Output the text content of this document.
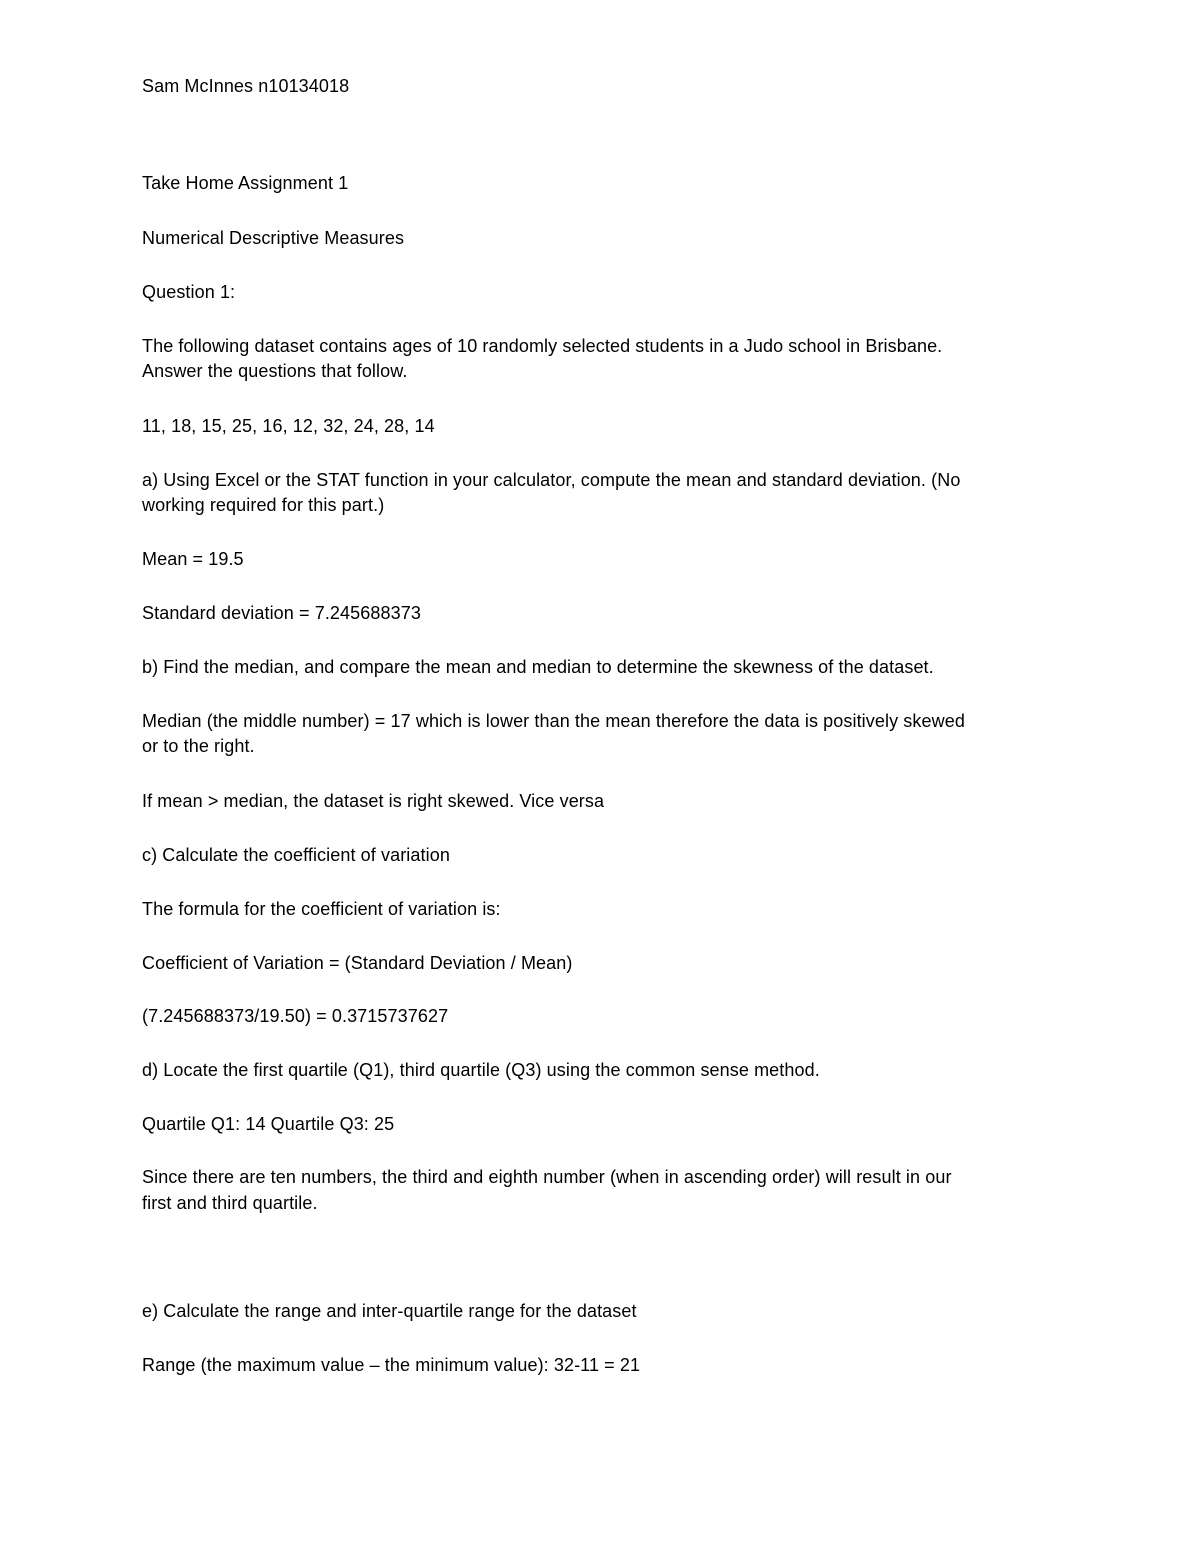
Sam McInnes n10134018
Take Home Assignment 1
Numerical Descriptive Measures
Question 1:
The following dataset contains ages of 10 randomly selected students in a Judo school in Brisbane.
Answer the questions that follow.
11, 18, 15, 25, 16, 12, 32, 24, 28, 14
a) Using Excel or the STAT function in your calculator, compute the mean and standard deviation. (No
working required for this part.)
Mean = 19.5
Standard deviation = 7.245688373
b) Find the median, and compare the mean and median to determine the skewness of the dataset.
Median (the middle number) = 17 which is lower than the mean therefore the data is positively skewed
or to the right.
If mean > median, the dataset is right skewed. Vice versa
c) Calculate the coefficient of variation
The formula for the coefficient of variation is:
Coefficient of Variation = (Standard Deviation / Mean)
(7.245688373/19.50) = 0.3715737627
d) Locate the first quartile (Q1), third quartile (Q3) using the common sense method.
Quartile Q1: 14 Quartile Q3: 25
Since there are ten numbers, the third and eighth number (when in ascending order) will result in our
first and third quartile.
e) Calculate the range and inter-quartile range for the dataset
Range (the maximum value – the minimum value): 32-11 = 21
